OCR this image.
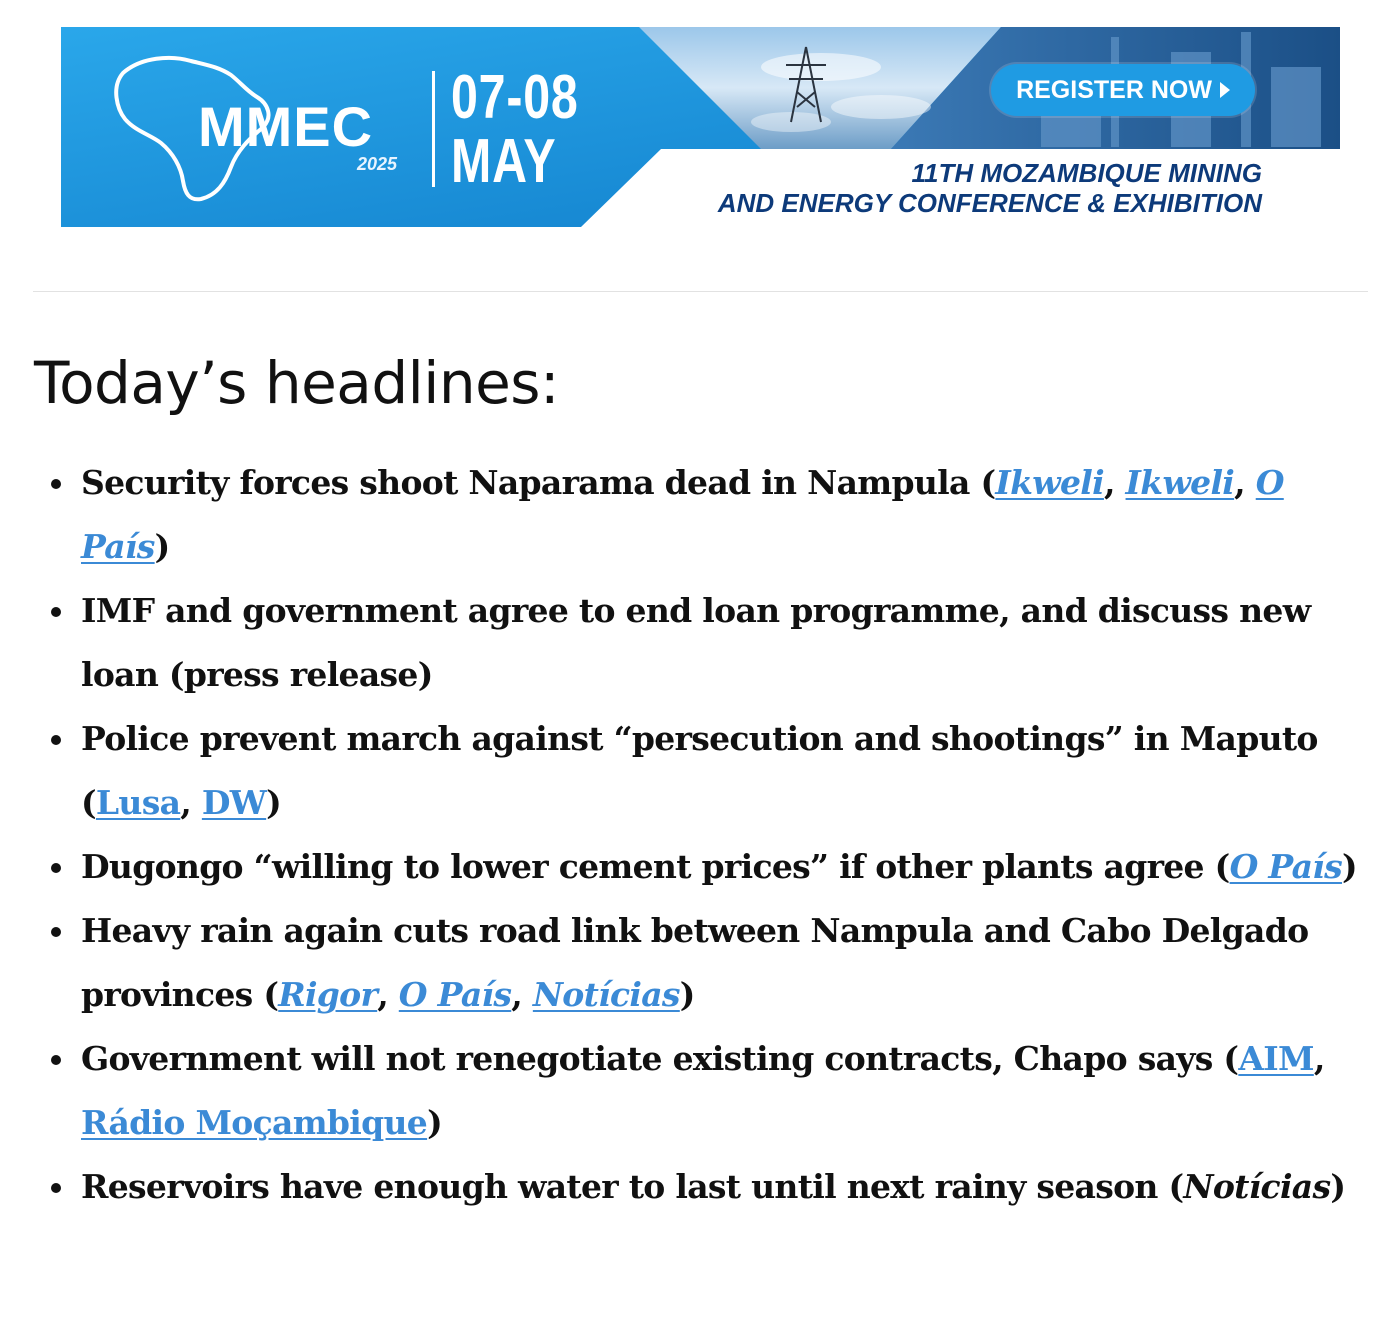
MMEC
2025
07-08
MAY
REGISTER NOW
11TH MOZAMBIQUE MINING
AND ENERGY CONFERENCE & EXHIBITION
Today’s headlines:
Security forces shoot Naparama dead in Nampula (Ikweli, Ikweli, O País)
IMF and government agree to end loan programme, and discuss new loan (press release)
Police prevent march against “persecution and shootings” in Maputo (Lusa, DW)
Dugongo “willing to lower cement prices” if other plants agree (O País)
Heavy rain again cuts road link between Nampula and Cabo Delgado provinces (Rigor, O País, Notícias)
Government will not renegotiate existing contracts, Chapo says (AIM, Rádio Moçambique)
Reservoirs have enough water to last until next rainy season (Notícias)
